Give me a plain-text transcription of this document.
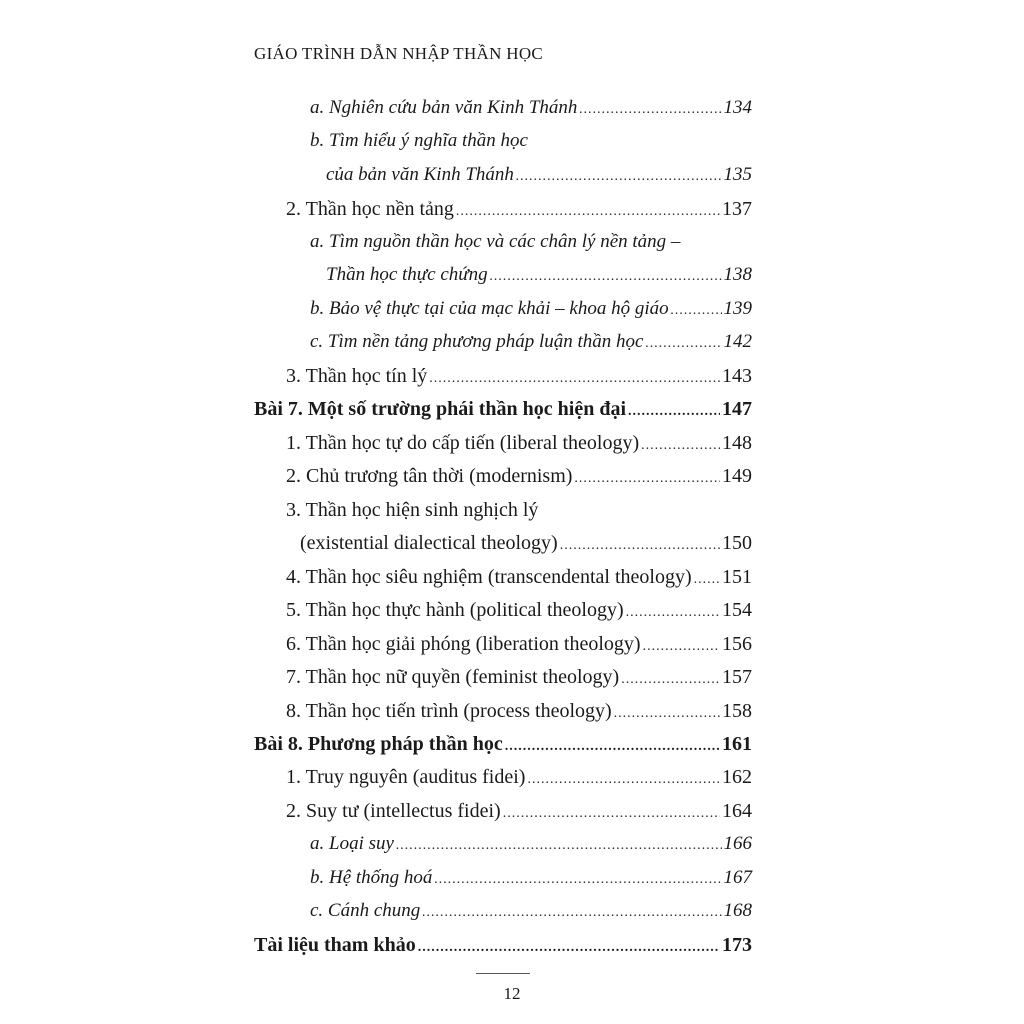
GIÁO TRÌNH DẪN NHẬP THẦN HỌC
a. Nghiên cứu bản văn Kinh Thánh .....	134
b. Tìm hiểu ý nghĩa thần học
của bản văn Kinh Thánh .....	135
2. Thần học nền tảng .....	137
a. Tìm nguồn thần học và các chân lý nền tảng –
Thần học thực chứng .....	138
b. Bảo vệ thực tại của mạc khải – khoa hộ giáo .....	139
c. Tìm nền tảng phương pháp luận thần học .....	142
3. Thần học tín lý .....	143
Bài 7. Một số trường phái thần học hiện đại .....	147
1. Thần học tự do cấp tiến (liberal theology) .....	148
2. Chủ trương tân thời (modernism) .....	149
3. Thần học hiện sinh nghịch lý
(existential dialectical theology) .....	150
4. Thần học siêu nghiệm (transcendental theology) ..... 151
5. Thần học thực hành (political theology) .....	154
6. Thần học giải phóng (liberation theology) .....	156
7. Thần học nữ quyền (feminist theology) .....	157
8. Thần học tiến trình (process theology) .....	158
Bài 8. Phương pháp thần học .....	161
1. Truy nguyên (auditus fidei) .....	162
2. Suy tư (intellectus fidei) .....	164
a. Loại suy .....	166
b. Hệ thống hoá .....	167
c. Cánh chung .....	168
Tài liệu tham khảo .....	173
12
